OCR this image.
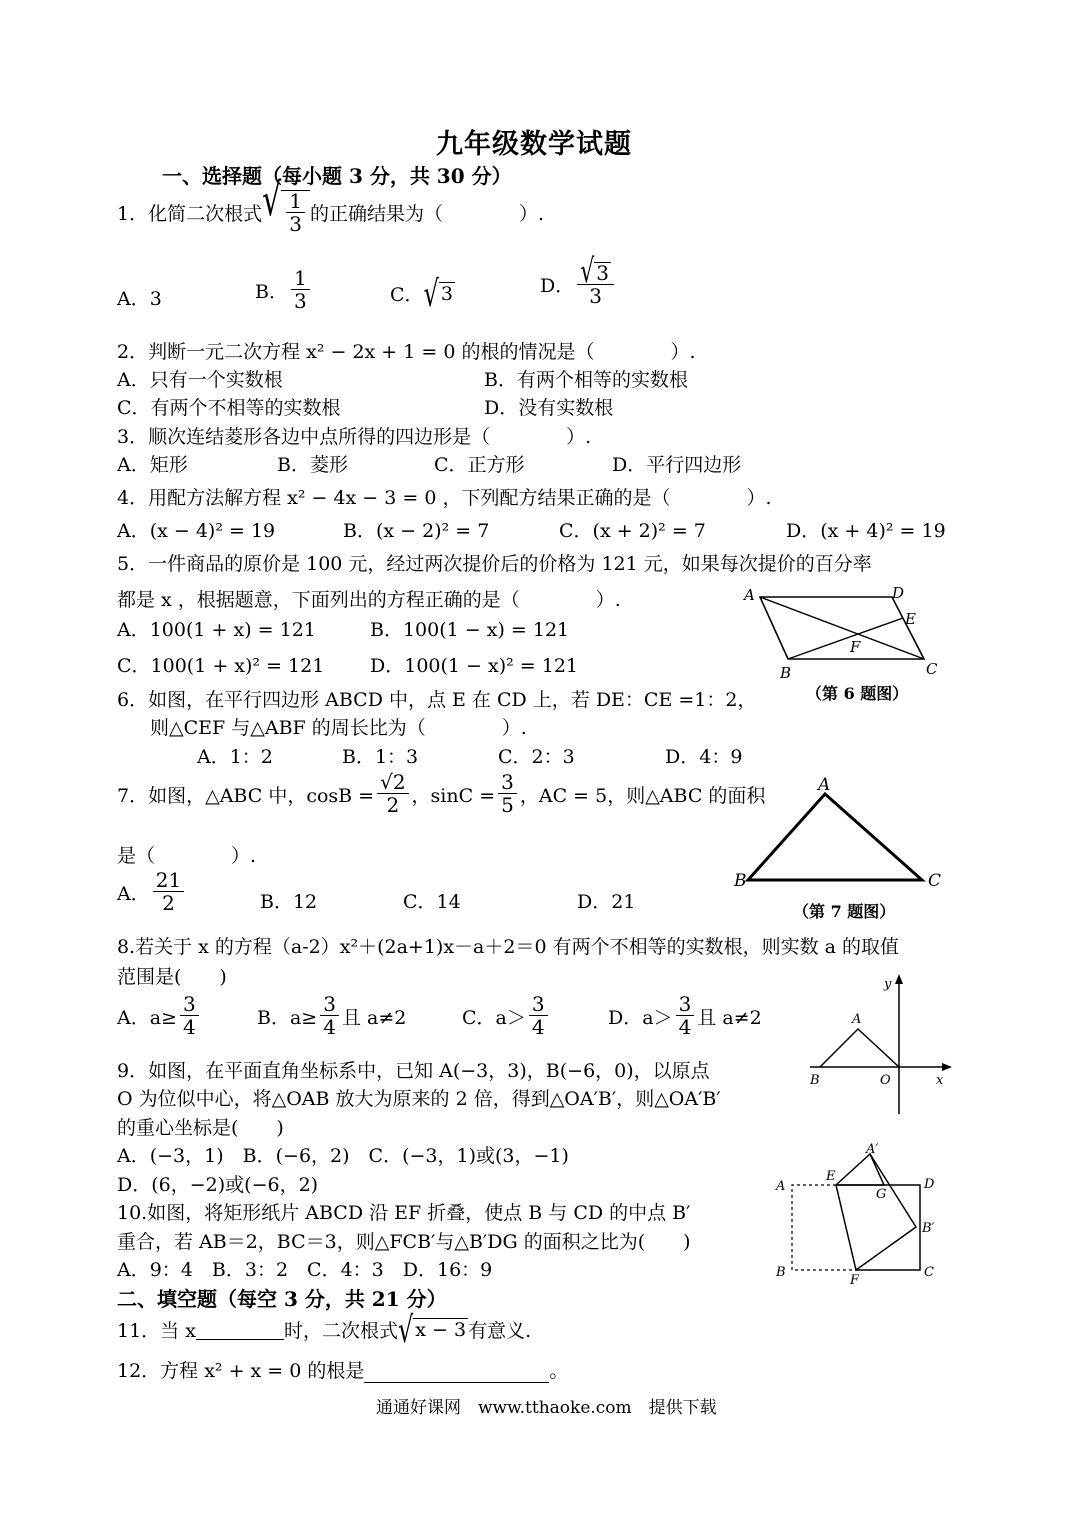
九年级数学试题
一、选择题（每小题 3 分，共 30 分）
1．化简二次根式 √ $\frac{1}{3}$ 的正确结果为（　　　　）.
A．3	B． $\frac{1}{3}$	C． √ 3	D． $\frac{√ 3}{3}$
2．判断一元二次方程 x² − 2x + 1 = 0 的根的情况是（　　　　）.
A．只有一个实数根	B．有两个相等的实数根
C．有两个不相等的实数根	D．没有实数根
3．顺次连结菱形各边中点所得的四边形是（　　　　）.
A．矩形	B．菱形	C．正方形	D．平行四边形
4．用配方法解方程 x² − 4x − 3 = 0 ，下列配方结果正确的是（　　　　）.
A．(x − 4)² = 19	B．(x − 2)² = 7	C．(x + 2)² = 7	D．(x + 4)² = 19
5．一件商品的原价是 100 元，经过两次提价后的价格为 121 元，如果每次提价的百分率
都是 x ，根据题意，下面列出的方程正确的是（　　　　）.
A．100(1 + x) = 121	B．100(1 − x) = 121
C．100(1 + x)² = 121 D．100(1 − x)² = 121
A	D
E
F
B	C
（第 6 题图）
6．如图，在平行四边形 ABCD 中，点 E 在 CD 上，若 DE：CE =1：2，
则△CEF 与△ABF 的周长比为（　　　　）.
A．1：2	B．1：3	C．2：3	D．4：9
7．如图，△ABC 中，$\cos B = \frac{√2}{2}$ ，$\sin C = \frac{3}{5}$ ，AC = 5，则△ABC 的面积
是（　　　　）.
A． $\frac{21}{2}$	B．12	C．14	D．21
A
B	C
（第 7 题图）
8.若关于 x 的方程（a-2）x²＋(2a+1)x－a＋2＝0 有两个不相等的实数根，则实数 a 的取值
范围是(　　)
A．$a\ge \frac{3}{4}$	B．$a\ge \frac{3}{4}$ 且 a≠2	C．$a> \frac{3}{4}$	D．$a> \frac{3}{4}$ 且 a≠2
y
A
B	O	x
9．如图，在平面直角坐标系中，已知 A(−3，3)，B(−6，0)，以原点
O 为位似中心，将△OAB 放大为原来的 2 倍，得到△OA′B′，则△OA′B′
的重心坐标是(　　)
A．(−3，1)　B．(−6，2)　C．(−3，1)或(3，−1)
D．(6，−2)或(−6，2)
A′
E
G
D
A
B′
B
F
C
10.如图，将矩形纸片 ABCD 沿 EF 折叠，使点 B 与 CD 的中点 B′
重合，若 AB＝2，BC＝3，则△FCB′与△B′DG 的面积之比为(　　)
A．9：4　B．3：2　C．4：3　D．16：9
二、填空题（每空 3 分，共 21 分）
11．当 x	时，二次根式 √ x − 3 有意义.
12．方程 x² + x = 0 的根是	。
通通好课网　www.tthaoke.com　提供下载
